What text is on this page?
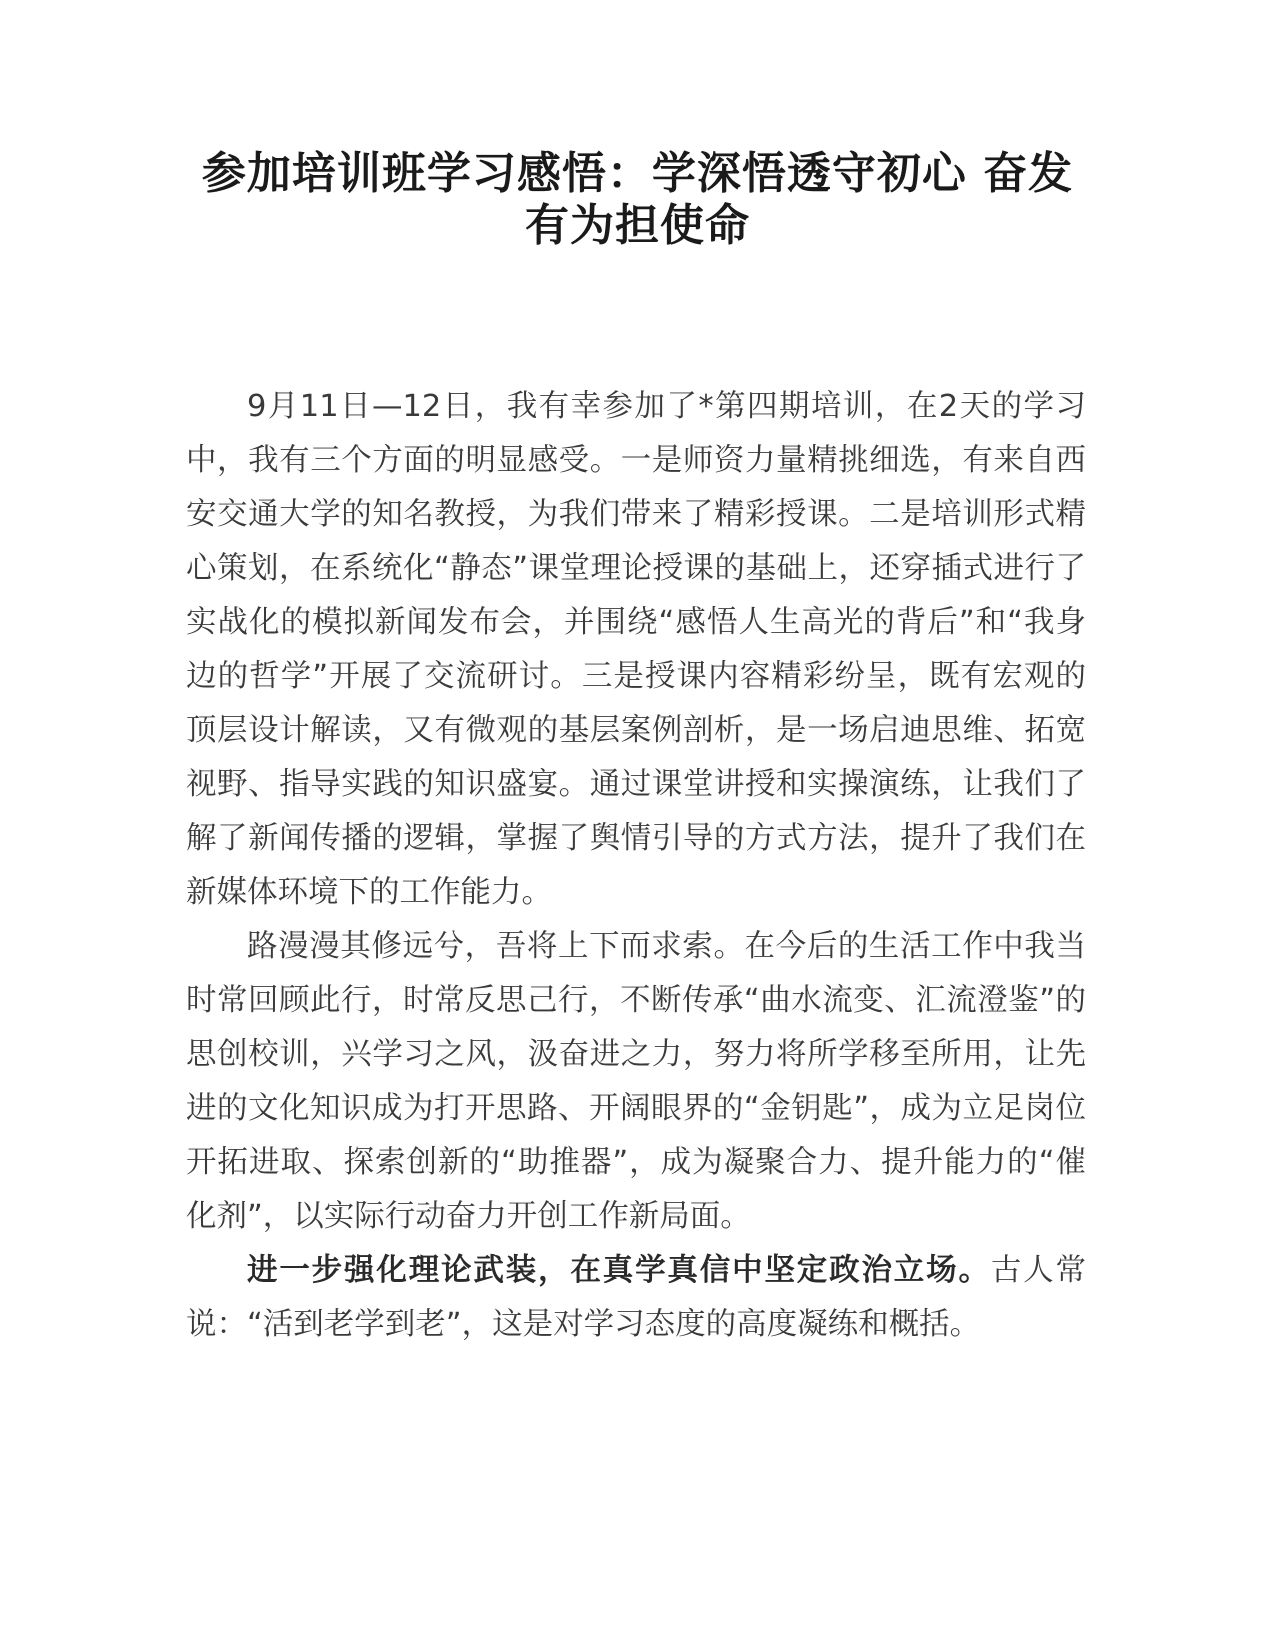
参加培训班学习感悟：学深悟透守初心 奋发
有为担使命

9月11日—12日，我有幸参加了*第四期培训，在2天的学习中，我有三个方面的明显感受。一是师资力量精挑细选，有来自西安交通大学的知名教授，为我们带来了精彩授课。二是培训形式精心策划，在系统化“静态”课堂理论授课的基础上，还穿插式进行了实战化的模拟新闻发布会，并围绕“感悟人生高光的背后”和“我身边的哲学”开展了交流研讨。三是授课内容精彩纷呈，既有宏观的顶层设计解读，又有微观的基层案例剖析，是一场启迪思维、拓宽视野、指导实践的知识盛宴。通过课堂讲授和实操演练，让我们了解了新闻传播的逻辑，掌握了舆情引导的方式方法，提升了我们在新媒体环境下的工作能力。

路漫漫其修远兮，吾将上下而求索。在今后的生活工作中我当时常回顾此行，时常反思己行，不断传承“曲水流变、汇流澄鉴”的思创校训，兴学习之风，汲奋进之力，努力将所学移至所用，让先进的文化知识成为打开思路、开阔眼界的“金钥匙”，成为立足岗位开拓进取、探索创新的“助推器”，成为凝聚合力、提升能力的“催化剂”，以实际行动奋力开创工作新局面。

进一步强化理论武装，在真学真信中坚定政治立场。古人常说：“活到老学到老”，这是对学习态度的高度凝练和概括。
